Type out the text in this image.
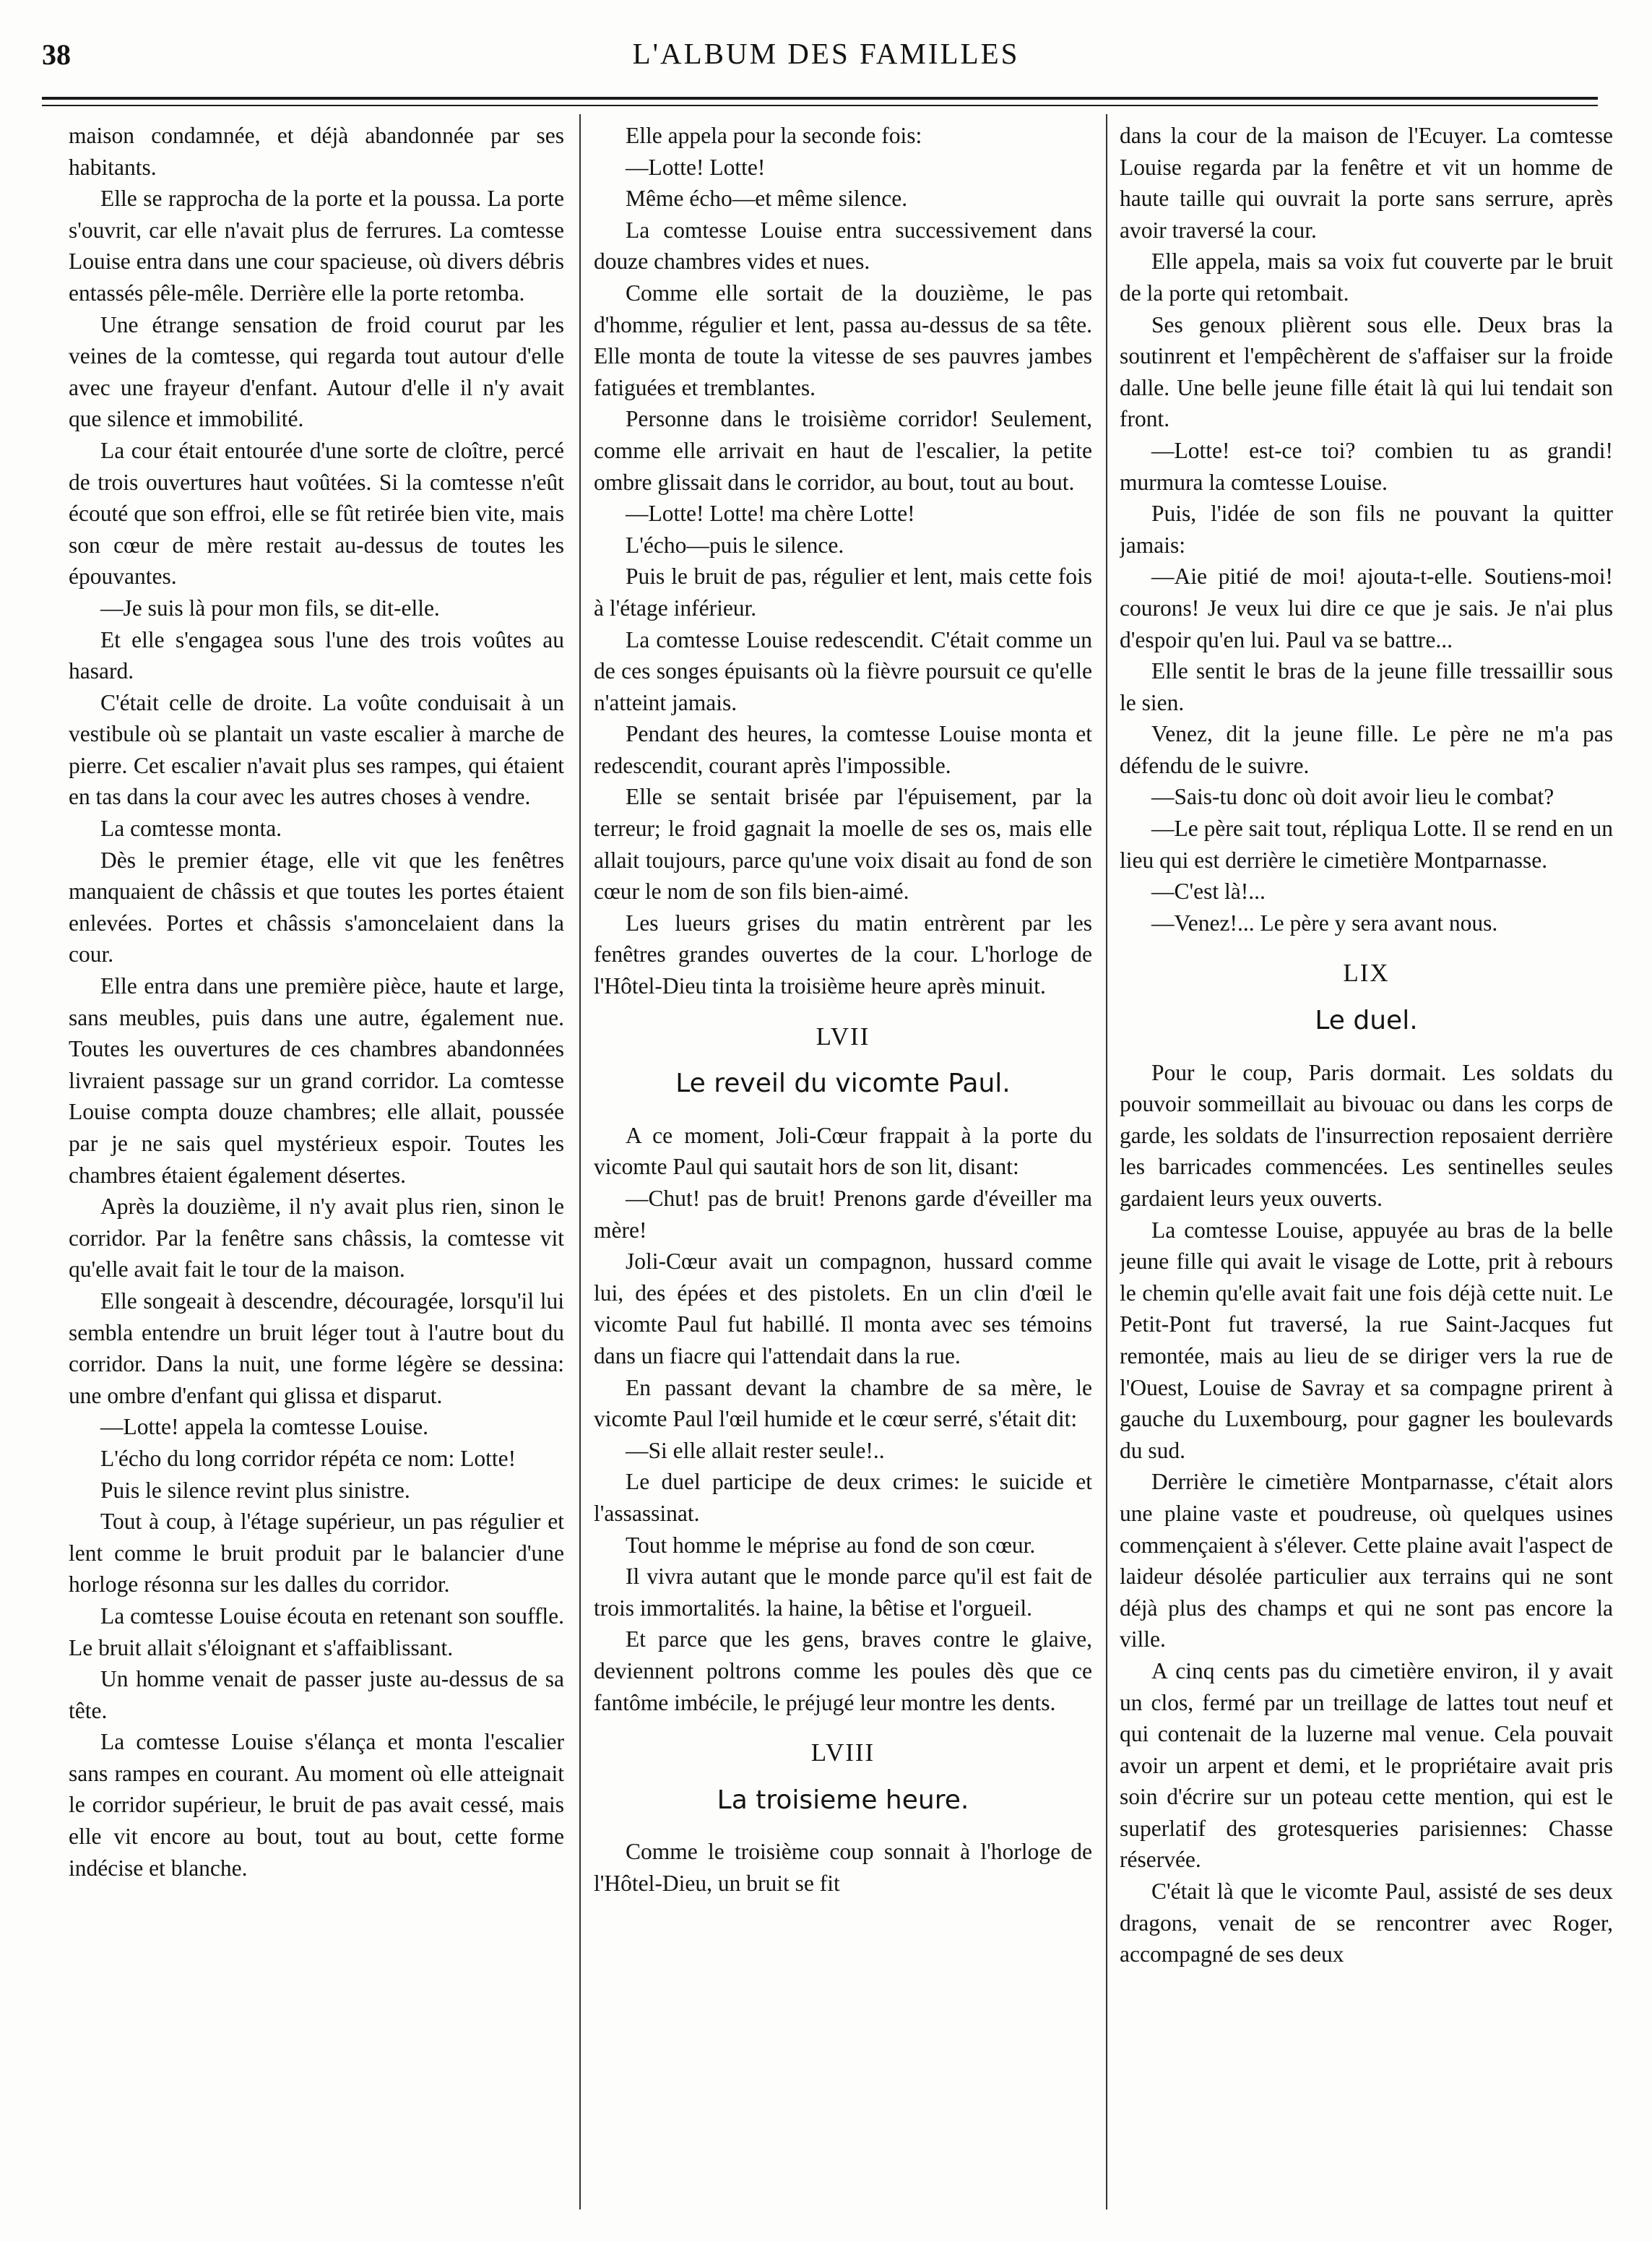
38	L'ALBUM DES FAMILLES

maison condamnée, et déjà abandonnée par ses habitants.

Elle se rapprocha de la porte et la poussa. La porte s'ouvrit, car elle n'avait plus de ferrures. La comtesse Louise entra dans une cour spacieuse, où divers débris entassés pêle-mêle. Derrière elle la porte retomba.

Une étrange sensation de froid courut par les veines de la comtesse, qui regarda tout autour d'elle avec une frayeur d'enfant. Autour d'elle il n'y avait que silence et immobilité.

La cour était entourée d'une sorte de cloître, percé de trois ouvertures haut voûtées. Si la comtesse n'eût écouté que son effroi, elle se fût retirée bien vite, mais son cœur de mère restait au-dessus de toutes les épouvantes.

—Je suis là pour mon fils, se dit-elle.

Et elle s'engagea sous l'une des trois voûtes au hasard.

C'était celle de droite. La voûte conduisait à un vestibule où se plantait un vaste escalier à marche de pierre. Cet escalier n'avait plus ses rampes, qui étaient en tas dans la cour avec les autres choses à vendre.

La comtesse monta.

Dès le premier étage, elle vit que les fenêtres manquaient de châssis et que toutes les portes étaient enlevées. Portes et châssis s'amoncelaient dans la cour.

Elle entra dans une première pièce, haute et large, sans meubles, puis dans une autre, également nue. Toutes les ouvertures de ces chambres abandonnées livraient passage sur un grand corridor. La comtesse Louise compta douze chambres; elle allait, poussée par je ne sais quel mystérieux espoir. Toutes les chambres étaient également désertes.

Après la douzième, il n'y avait plus rien, sinon le corridor. Par la fenêtre sans châssis, la comtesse vit qu'elle avait fait le tour de la maison.

Elle songeait à descendre, découragée, lorsqu'il lui sembla entendre un bruit léger tout à l'autre bout du corridor. Dans la nuit, une forme légère se dessina: une ombre d'enfant qui glissa et disparut.

—Lotte! appela la comtesse Louise.

L'écho du long corridor répéta ce nom: Lotte!

Puis le silence revint plus sinistre.

Tout à coup, à l'étage supérieur, un pas régulier et lent comme le bruit produit par le balancier d'une horloge résonna sur les dalles du corridor.

La comtesse Louise écouta en retenant son souffle. Le bruit allait s'éloignant et s'affaiblissant.

Un homme venait de passer juste au-dessus de sa tête.

La comtesse Louise s'élança et monta l'escalier sans rampes en courant. Au moment où elle atteignait le corridor supérieur, le bruit de pas avait cessé, mais elle vit encore au bout, tout au bout, cette forme indécise et blanche.

Elle appela pour la seconde fois:

—Lotte! Lotte!

Même écho—et même silence.

La comtesse Louise entra successivement dans douze chambres vides et nues.

Comme elle sortait de la douzième, le pas d'homme, régulier et lent, passa au-dessus de sa tête. Elle monta de toute la vitesse de ses pauvres jambes fatiguées et tremblantes.

Personne dans le troisième corridor! Seulement, comme elle arrivait en haut de l'escalier, la petite ombre glissait dans le corridor, au bout, tout au bout.

—Lotte! Lotte! ma chère Lotte!

L'écho—puis le silence.

Puis le bruit de pas, régulier et lent, mais cette fois à l'étage inférieur.

La comtesse Louise redescendit. C'était comme un de ces songes épuisants où la fièvre poursuit ce qu'elle n'atteint jamais.

Pendant des heures, la comtesse Louise monta et redescendit, courant après l'impossible.

Elle se sentait brisée par l'épuisement, par la terreur; le froid gagnait la moelle de ses os, mais elle allait toujours, parce qu'une voix disait au fond de son cœur le nom de son fils bien-aimé.

Les lueurs grises du matin entrèrent par les fenêtres grandes ouvertes de la cour. L'horloge de l'Hôtel-Dieu tinta la troisième heure après minuit.

LVII
Le reveil du vicomte Paul.

A ce moment, Joli-Cœur frappait à la porte du vicomte Paul qui sautait hors de son lit, disant:

—Chut! pas de bruit! Prenons garde d'éveiller ma mère!

Joli-Cœur avait un compagnon, hussard comme lui, des épées et des pistolets. En un clin d'œil le vicomte Paul fut habillé. Il monta avec ses témoins dans un fiacre qui l'attendait dans la rue.

En passant devant la chambre de sa mère, le vicomte Paul l'œil humide et le cœur serré, s'était dit:

—Si elle allait rester seule!..

Le duel participe de deux crimes: le suicide et l'assassinat.

Tout homme le méprise au fond de son cœur.

Il vivra autant que le monde parce qu'il est fait de trois immortalités. la haine, la bêtise et l'orgueil.

Et parce que les gens, braves contre le glaive, deviennent poltrons comme les poules dès que ce fantôme imbécile, le préjugé leur montre les dents.

LVIII
La troisieme heure.

Comme le troisième coup sonnait à l'horloge de l'Hôtel-Dieu, un bruit se fit

dans la cour de la maison de l'Ecuyer. La comtesse Louise regarda par la fenêtre et vit un homme de haute taille qui ouvrait la porte sans serrure, après avoir traversé la cour.

Elle appela, mais sa voix fut couverte par le bruit de la porte qui retombait.

Ses genoux plièrent sous elle. Deux bras la soutinrent et l'empêchèrent de s'affaiser sur la froide dalle. Une belle jeune fille était là qui lui tendait son front.

—Lotte! est-ce toi? combien tu as grandi! murmura la comtesse Louise.

Puis, l'idée de son fils ne pouvant la quitter jamais:

—Aie pitié de moi! ajouta-t-elle. Soutiens-moi! courons! Je veux lui dire ce que je sais. Je n'ai plus d'espoir qu'en lui. Paul va se battre...

Elle sentit le bras de la jeune fille tressaillir sous le sien.

Venez, dit la jeune fille. Le père ne m'a pas défendu de le suivre.

—Sais-tu donc où doit avoir lieu le combat?

—Le père sait tout, répliqua Lotte. Il se rend en un lieu qui est derrière le cimetière Montparnasse.

—C'est là!...

—Venez!... Le père y sera avant nous.

LIX
Le duel.

Pour le coup, Paris dormait. Les soldats du pouvoir sommeillait au bivouac ou dans les corps de garde, les soldats de l'insurrection reposaient derrière les barricades commencées. Les sentinelles seules gardaient leurs yeux ouverts.

La comtesse Louise, appuyée au bras de la belle jeune fille qui avait le visage de Lotte, prit à rebours le chemin qu'elle avait fait une fois déjà cette nuit. Le Petit-Pont fut traversé, la rue Saint-Jacques fut remontée, mais au lieu de se diriger vers la rue de l'Ouest, Louise de Savray et sa compagne prirent à gauche du Luxembourg, pour gagner les boulevards du sud.

Derrière le cimetière Montparnasse, c'était alors une plaine vaste et poudreuse, où quelques usines commençaient à s'élever. Cette plaine avait l'aspect de laideur désolée particulier aux terrains qui ne sont déjà plus des champs et qui ne sont pas encore la ville.

A cinq cents pas du cimetière environ, il y avait un clos, fermé par un treillage de lattes tout neuf et qui contenait de la luzerne mal venue. Cela pouvait avoir un arpent et demi, et le propriétaire avait pris soin d'écrire sur un poteau cette mention, qui est le superlatif des grotesqueries parisiennes: Chasse réservée.

C'était là que le vicomte Paul, assisté de ses deux dragons, venait de se rencontrer avec Roger, accompagné de ses deux
